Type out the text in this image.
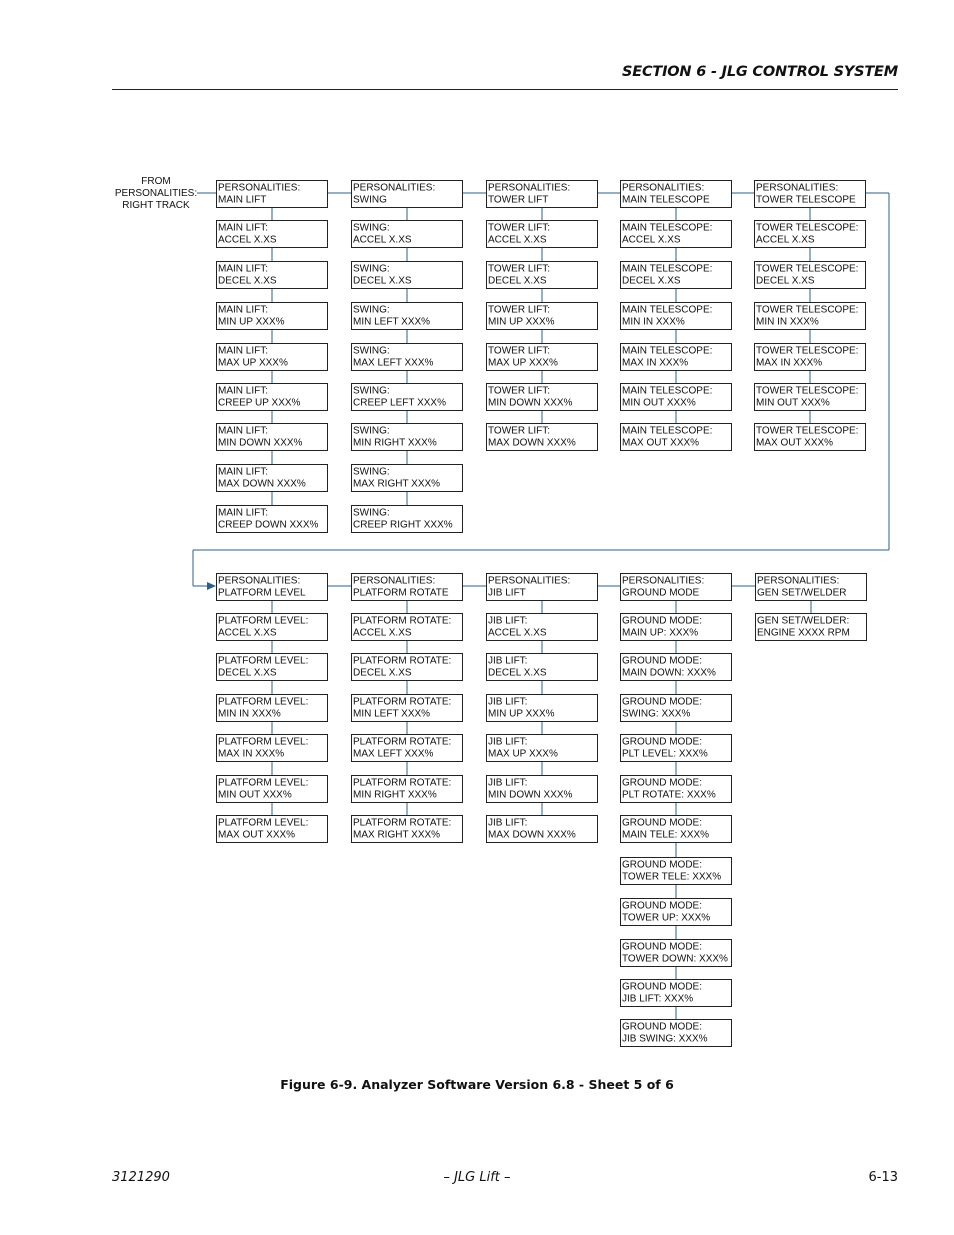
SECTION 6 - JLG CONTROL SYSTEM
PERSONALITIES:
MAIN LIFT
MAIN LIFT:
ACCEL X.XS
MAIN LIFT:
DECEL X.XS
MAIN LIFT:
MIN UP XXX%
MAIN LIFT:
MAX UP XXX%
MAIN LIFT:
CREEP UP XXX%
MAIN LIFT:
MIN DOWN XXX%
MAIN LIFT:
MAX DOWN XXX%
MAIN LIFT:
CREEP DOWN XXX%
PERSONALITIES:
SWING
SWING:
ACCEL X.XS
SWING:
DECEL X.XS
SWING:
MIN LEFT XXX%
SWING:
MAX LEFT XXX%
SWING:
CREEP LEFT XXX%
SWING:
MIN RIGHT XXX%
SWING:
MAX RIGHT XXX%
SWING:
CREEP RIGHT XXX%
PERSONALITIES:
TOWER LIFT
TOWER LIFT:
ACCEL X.XS
TOWER LIFT:
DECEL X.XS
TOWER LIFT:
MIN UP XXX%
TOWER LIFT:
MAX UP XXX%
TOWER LIFT:
MIN DOWN XXX%
TOWER LIFT:
MAX DOWN XXX%
PERSONALITIES:
MAIN TELESCOPE
MAIN TELESCOPE:
ACCEL X.XS
MAIN TELESCOPE:
DECEL X.XS
MAIN TELESCOPE:
MIN IN XXX%
MAIN TELESCOPE:
MAX IN XXX%
MAIN TELESCOPE:
MIN OUT XXX%
MAIN TELESCOPE:
MAX OUT XXX%
PERSONALITIES:
TOWER TELESCOPE
TOWER TELESCOPE:
ACCEL X.XS
TOWER TELESCOPE:
DECEL X.XS
TOWER TELESCOPE:
MIN IN XXX%
TOWER TELESCOPE:
MAX IN XXX%
TOWER TELESCOPE:
MIN OUT XXX%
TOWER TELESCOPE:
MAX OUT XXX%
PERSONALITIES:
PLATFORM LEVEL
PLATFORM LEVEL:
ACCEL X.XS
PLATFORM LEVEL:
DECEL X.XS
PLATFORM LEVEL:
MIN IN XXX%
PLATFORM LEVEL:
MAX IN XXX%
PLATFORM LEVEL:
MIN OUT XXX%
PLATFORM LEVEL:
MAX OUT XXX%
PERSONALITIES:
PLATFORM ROTATE
PLATFORM ROTATE:
ACCEL X.XS
PLATFORM ROTATE:
DECEL X.XS
PLATFORM ROTATE:
MIN LEFT XXX%
PLATFORM ROTATE:
MAX LEFT XXX%
PLATFORM ROTATE:
MIN RIGHT XXX%
PLATFORM ROTATE:
MAX RIGHT XXX%
PERSONALITIES:
JIB LIFT
JIB LIFT:
ACCEL X.XS
JIB LIFT:
DECEL X.XS
JIB LIFT:
MIN UP XXX%
JIB LIFT:
MAX UP XXX%
JIB LIFT:
MIN DOWN XXX%
JIB LIFT:
MAX DOWN XXX%
PERSONALITIES:
GROUND MODE
GROUND MODE:
MAIN UP: XXX%
GROUND MODE:
MAIN DOWN: XXX%
GROUND MODE:
SWING: XXX%
GROUND MODE:
PLT LEVEL: XXX%
GROUND MODE:
PLT ROTATE: XXX%
GROUND MODE:
MAIN TELE: XXX%
GROUND MODE:
TOWER TELE: XXX%
GROUND MODE:
TOWER UP: XXX%
GROUND MODE:
TOWER DOWN: XXX%
GROUND MODE:
JIB LIFT: XXX%
GROUND MODE:
JIB SWING: XXX%
PERSONALITIES:
GEN SET/WELDER
GEN SET/WELDER:
ENGINE XXXX RPM
FROM
PERSONALITIES:
RIGHT TRACK
Figure 6-9. Analyzer Software Version 6.8 - Sheet 5 of 6
3121290	– JLG Lift –	6-13
